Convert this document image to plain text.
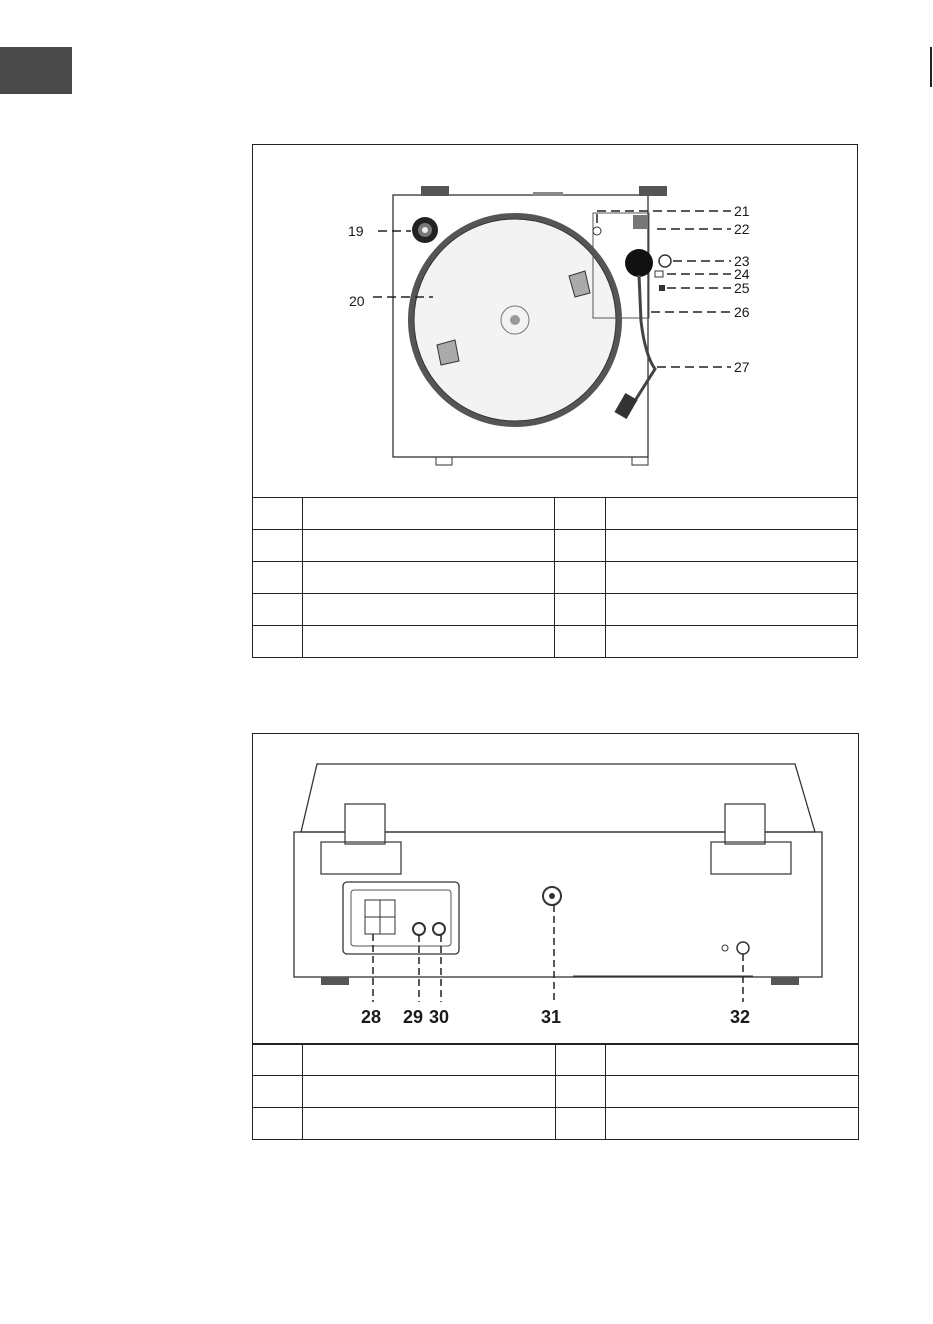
19
20
21
22
23
24
25
26
27

28 29 30	31	32
